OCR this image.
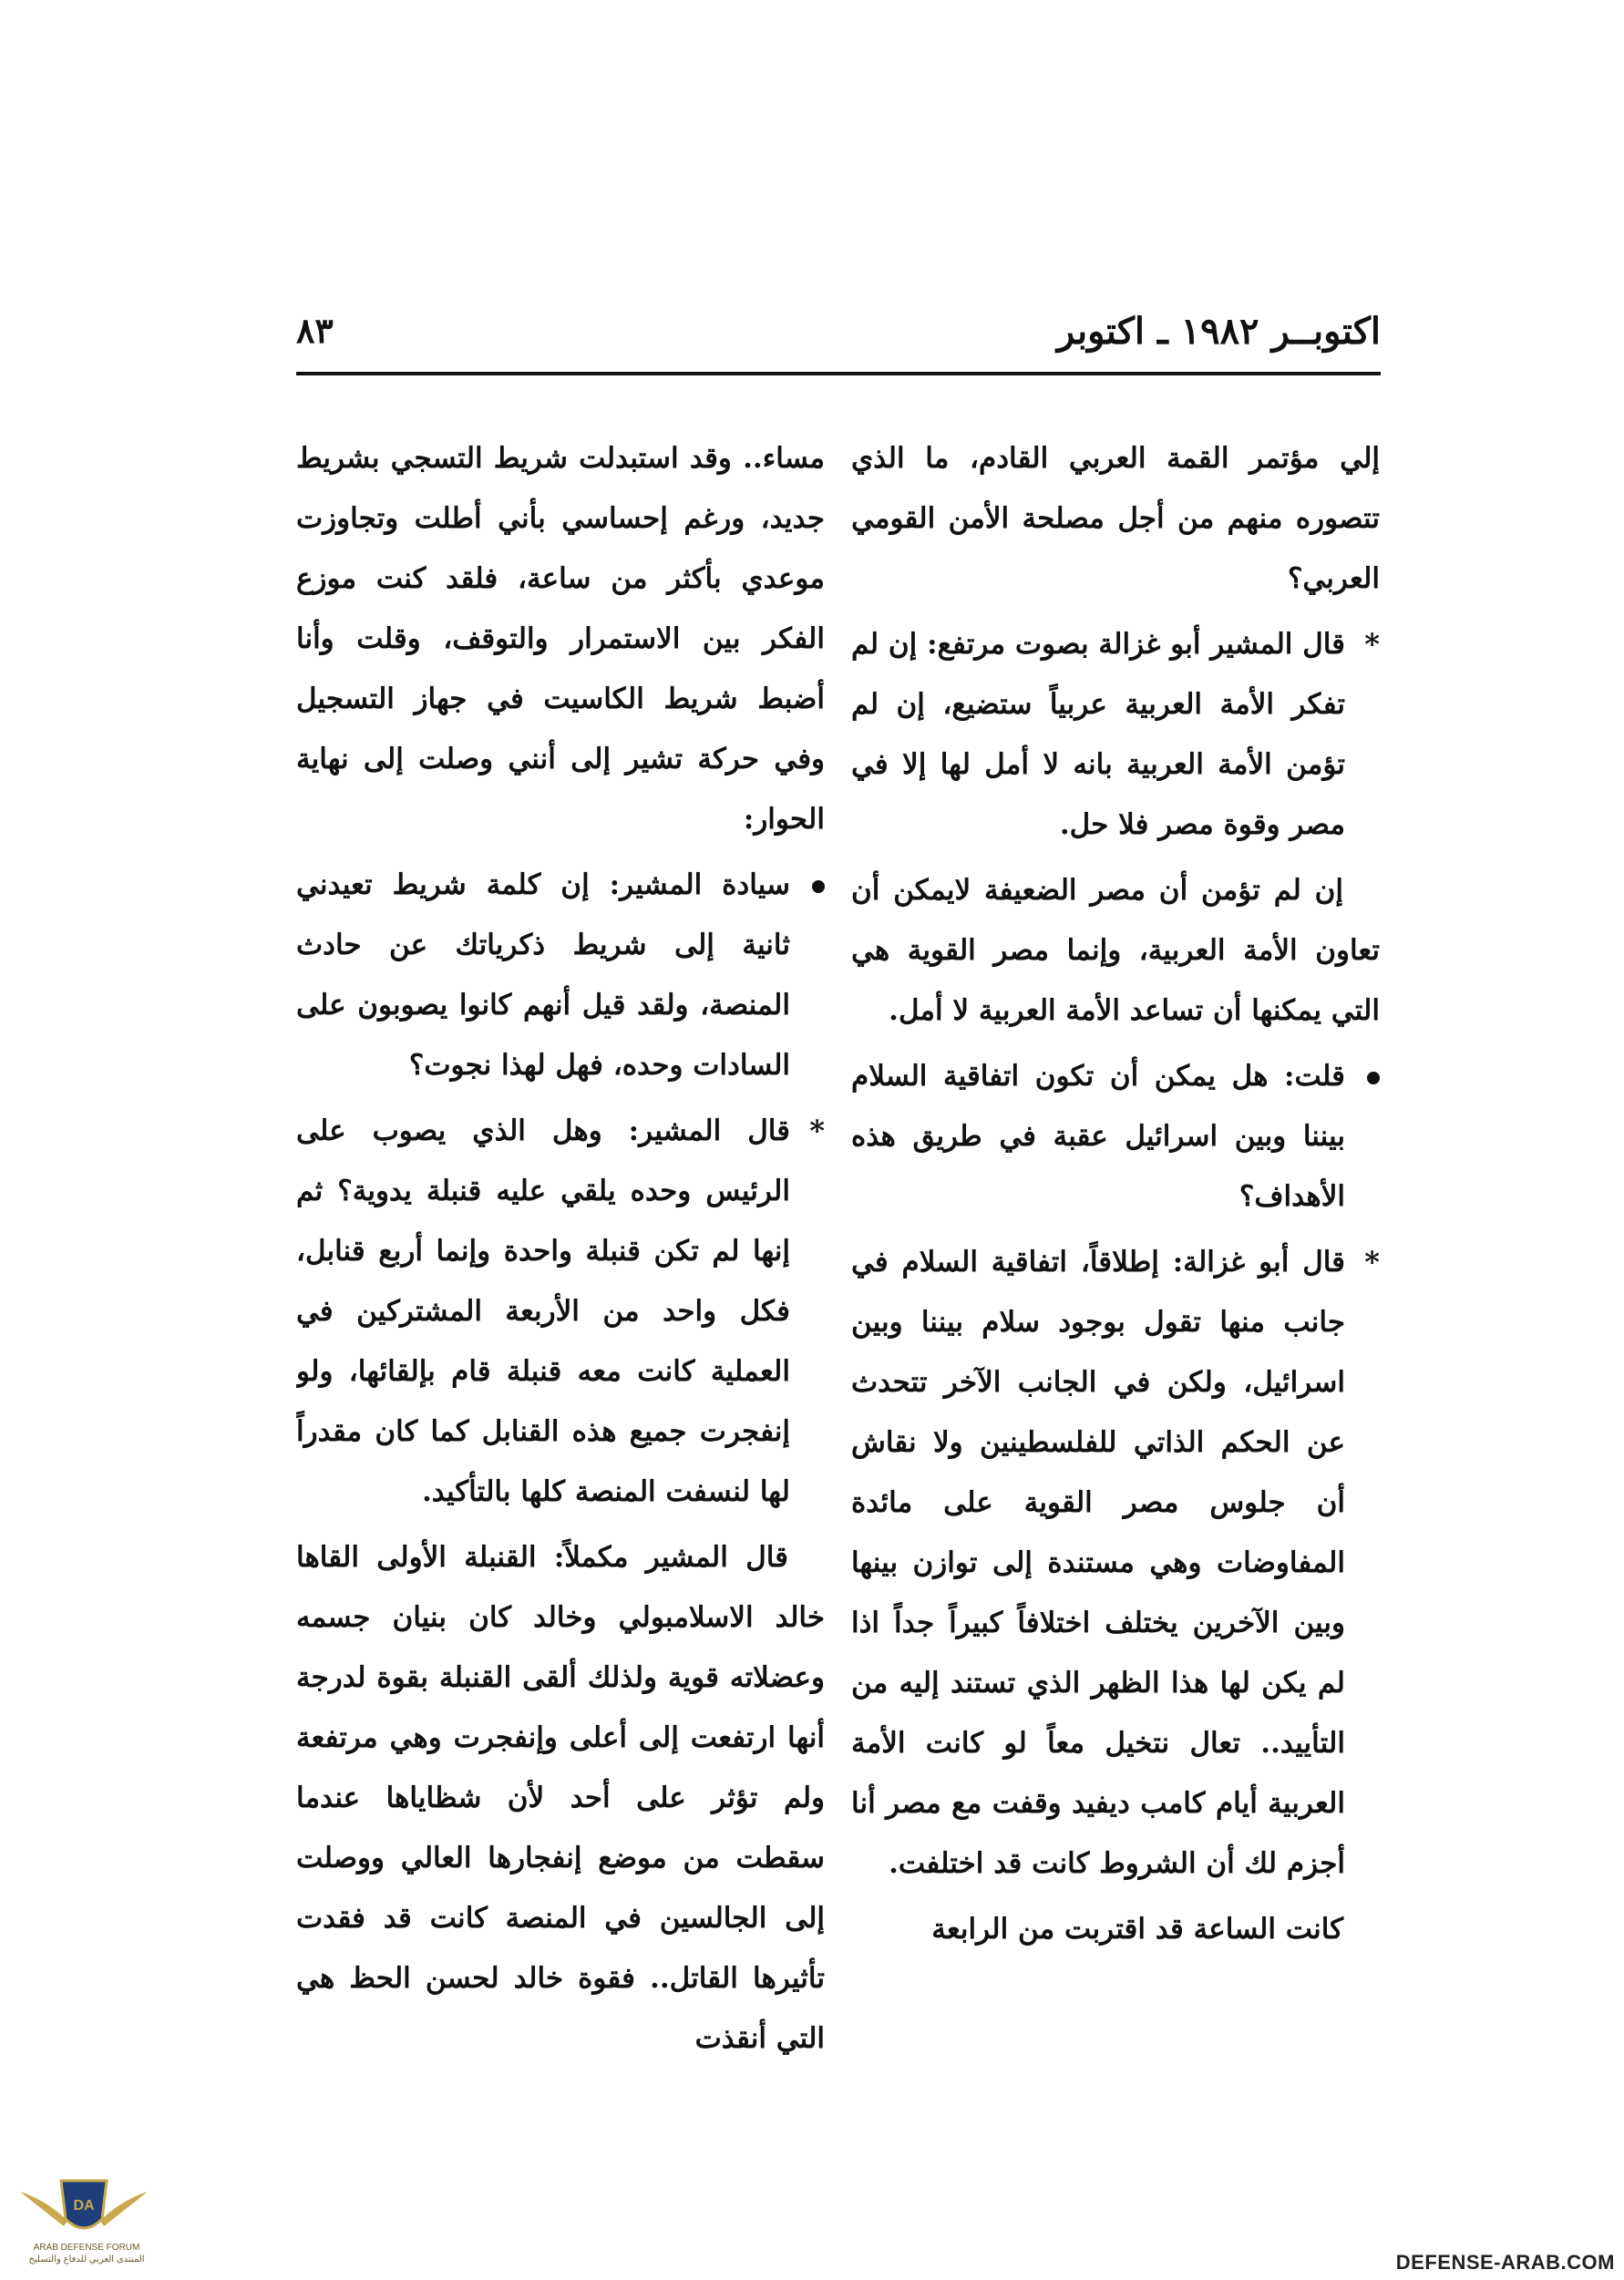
اكتوبــر ١٩٨٢ ـ اكتوبر
٨٣

إلي مؤتمر القمة العربي القادم، ما الذي تتصوره منهم من أجل مصلحة الأمن القومي العربي؟

*
قال المشير أبو غزالة بصوت مرتفع: إن لم تفكر الأمة العربية عربياً ستضيع، إن لم تؤمن الأمة العربية بانه لا أمل لها إلا في مصر وقوة مصر فلا حل.

إن لم تؤمن أن مصر الضعيفة لايمكن أن تعاون الأمة العربية، وإنما مصر القوية هي التي يمكنها أن تساعد الأمة العربية لا أمل.

قلت: هل يمكن أن تكون اتفاقية السلام بيننا وبين اسرائيل عقبة في طريق هذه الأهداف؟

*
قال أبو غزالة: إطلاقاً، اتفاقية السلام في جانب منها تقول بوجود سلام بيننا وبين اسرائيل، ولكن في الجانب الآخر تتحدث عن الحكم الذاتي للفلسطينين ولا نقاش أن جلوس مصر القوية على مائدة المفاوضات وهي مستندة إلى توازن بينها وبين الآخرين يختلف اختلافاً كبيراً جداً اذا لم يكن لها هذا الظهر الذي تستند إليه من التأييد.. تعال نتخيل معاً لو كانت الأمة العربية أيام كامب ديفيد وقفت مع مصر أنا أجزم لك أن الشروط كانت قد اختلفت.

كانت الساعة قد اقتربت من الرابعة

مساء.. وقد استبدلت شريط التسجي بشريط جديد، ورغم إحساسي بأني أطلت وتجاوزت موعدي بأكثر من ساعة، فلقد كنت موزع الفكر بين الاستمرار والتوقف، وقلت وأنا أضبط شريط الكاسيت في جهاز التسجيل وفي حركة تشير إلى أنني وصلت إلى نهاية الحوار:

سيادة المشير: إن كلمة شريط تعيدني ثانية إلى شريط ذكرياتك عن حادث المنصة، ولقد قيل أنهم كانوا يصوبون على السادات وحده، فهل لهذا نجوت؟

*
قال المشير: وهل الذي يصوب على الرئيس وحده يلقي عليه قنبلة يدوية؟ ثم إنها لم تكن قنبلة واحدة وإنما أربع قنابل، فكل واحد من الأربعة المشتركين في العملية كانت معه قنبلة قام بإلقائها، ولو إنفجرت جميع هذه القنابل كما كان مقدراً لها لنسفت المنصة كلها بالتأكيد.

قال المشير مكملاً: القنبلة الأولى القاها خالد الاسلامبولي وخالد كان بنيان جسمه وعضلاته قوية ولذلك ألقى القنبلة بقوة لدرجة أنها ارتفعت إلى أعلى وإنفجرت وهي مرتفعة ولم تؤثر على أحد لأن شظاياها عندما سقطت من موضع إنفجارها العالي ووصلت إلى الجالسين في المنصة كانت قد فقدت تأثيرها القاتل.. فقوة خالد لحسن الحظ هي التي أنقذت

DA
ARAB DEFENSE FORUM
المنتدى العربي للدفاع والتسليح	DEFENSE-ARAB.COM
